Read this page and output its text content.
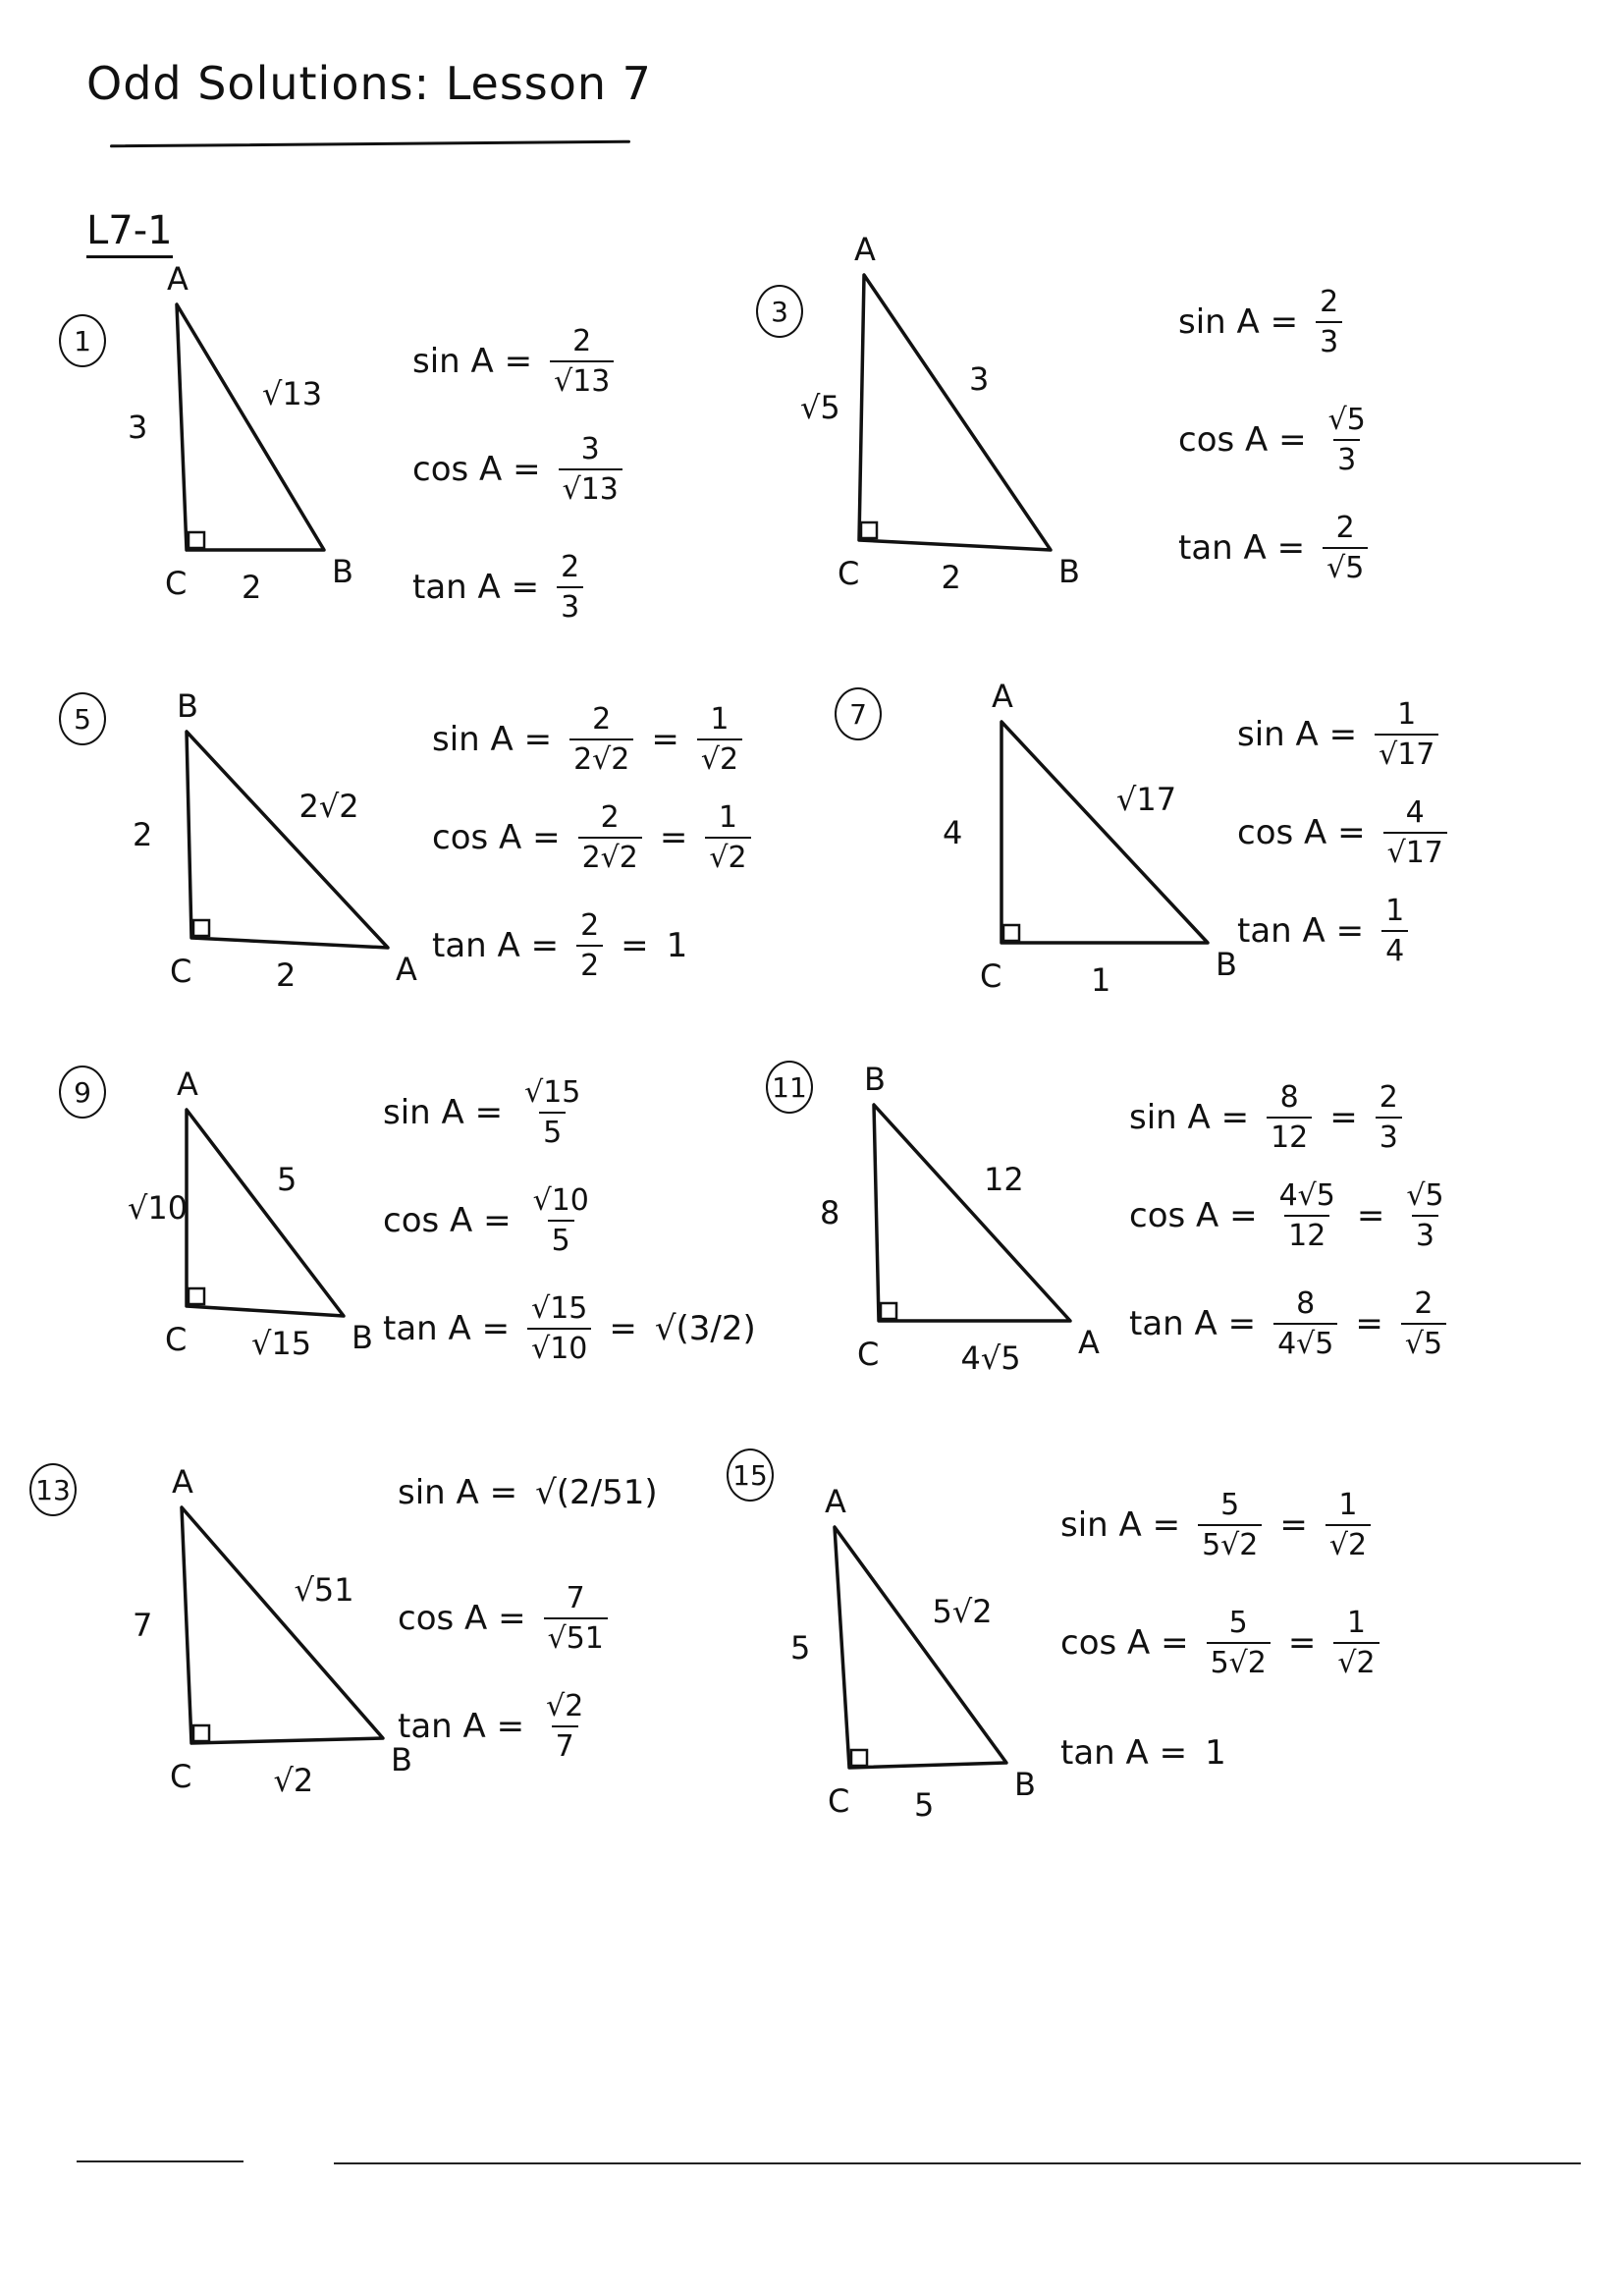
Odd Solutions: Lesson 7
L7-1
1
A
C	B
3
2
√13
$\sin A = \frac{2}{√13}$
$\cos A = \frac{3}{√13}$
$\tan A = \frac{2}{3}$
3
A
C	B
√5
2
3
$\sin A = \frac{2}{3}$
$\cos A = \frac{√5}{3}$
$\tan A = \frac{2}{√5}$
5	B
C	A
2
2
2√2
$\sin A = \frac{2}{2√2} = \frac{1}{√2}$
$\cos A = \frac{2}{2√2} = \frac{1}{√2}$
$\tan A = \frac{2}{2} = 1$
7	A
C	B
4
1
√17
$\sin A = \frac{1}{√17}$
$\cos A = \frac{4}{√17}$
$\tan A = \frac{1}{4}$
9	A
C	B
√10
√15
5
$\sin A = \frac{√15}{5}$
$\cos A = \frac{√10}{5}$
$\tan A = \frac{√15}{√10} = √(3/2)$
11 B
C	A
8
4√5
12
$\sin A = \frac{8}{12} = \frac{2}{3}$
$\cos A = \frac{4√5}{12} = \frac{√5}{3}$
$\tan A = \frac{8}{4√5} = \frac{2}{√5}$
13	A
C	B
7
√2
√51
sin A = √(2/51)
$\cos A = \frac{7}{√51}$
$\tan A = \frac{√2}{7}$
15
A
C	B
5
5
5√2
$\sin A = \frac{5}{5√2} = \frac{1}{√2}$
$\cos A = \frac{5}{5√2} = \frac{1}{√2}$
tan A = 1
